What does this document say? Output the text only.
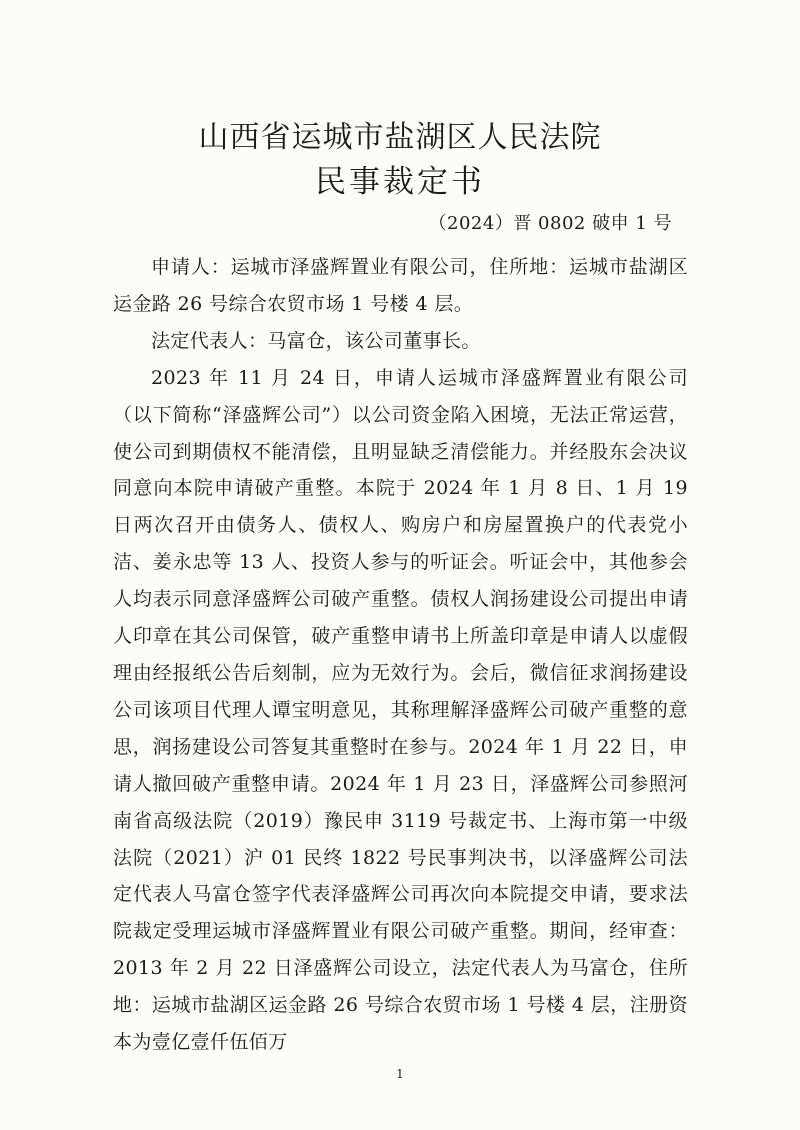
山西省运城市盐湖区人民法院
民事裁定书
（2024）晋 0802 破申 1 号

申请人：运城市泽盛辉置业有限公司，住所地：运城市盐湖区运金路 26 号综合农贸市场 1 号楼 4 层。

法定代表人：马富仓，该公司董事长。

2023 年 11 月 24 日，申请人运城市泽盛辉置业有限公司（以下简称“泽盛辉公司”）以公司资金陷入困境，无法正常运营，使公司到期债权不能清偿，且明显缺乏清偿能力。并经股东会决议同意向本院申请破产重整。本院于 2024 年 1 月 8 日、1 月 19 日两次召开由债务人、债权人、购房户和房屋置换户的代表党小洁、姜永忠等 13 人、投资人参与的听证会。听证会中，其他参会人均表示同意泽盛辉公司破产重整。债权人润扬建设公司提出申请人印章在其公司保管，破产重整申请书上所盖印章是申请人以虚假理由经报纸公告后刻制，应为无效行为。会后，微信征求润扬建设公司该项目代理人谭宝明意见，其称理解泽盛辉公司破产重整的意思，润扬建设公司答复其重整时在参与。2024 年 1 月 22 日，申请人撤回破产重整申请。2024 年 1 月 23 日，泽盛辉公司参照河南省高级法院（2019）豫民申 3119 号裁定书、上海市第一中级法院（2021）沪 01 民终 1822 号民事判决书，以泽盛辉公司法定代表人马富仓签字代表泽盛辉公司再次向本院提交申请，要求法院裁定受理运城市泽盛辉置业有限公司破产重整。期间，经审查：2013 年 2 月 22 日泽盛辉公司设立，法定代表人为马富仓，住所地：运城市盐湖区运金路 26 号综合农贸市场 1 号楼 4 层，注册资本为壹亿壹仟伍佰万

1
